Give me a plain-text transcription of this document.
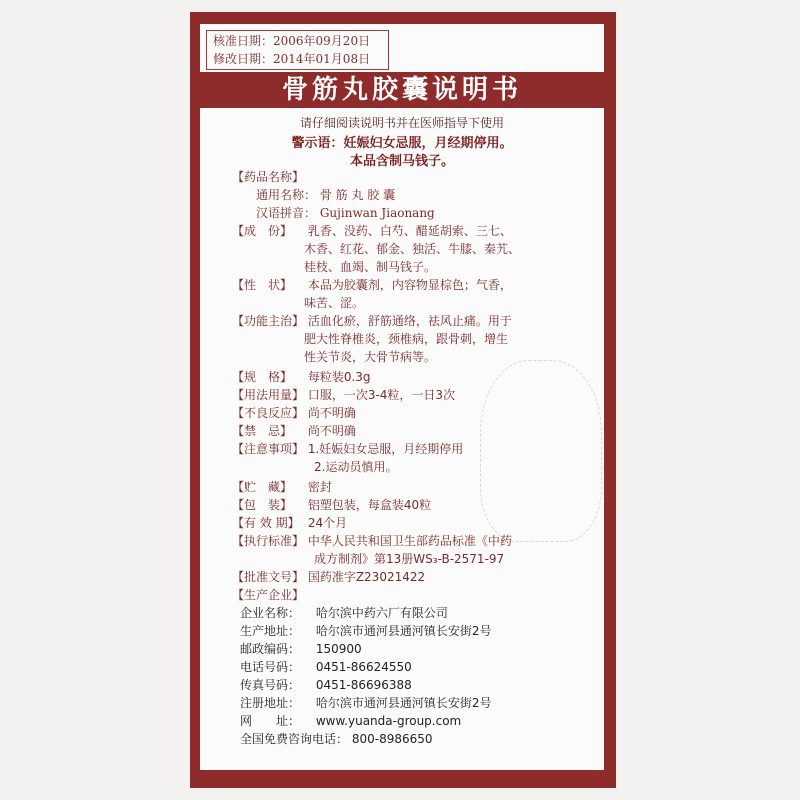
核准日期：2006年09月20日
修改日期：2014年01月08日
骨筋丸胶囊说明书
请仔细阅读说明书并在医师指导下使用
警示语：妊娠妇女忌服，月经期停用。
本品含制马钱子。
【药品名称】
通用名称： 骨 筋 丸 胶 囊
汉语拼音： Gujinwan Jiaonang
【成　份】 乳香、没药、白芍、醋延胡索、三七、
木香、红花、郁金、独活、牛膝、秦艽、
桂枝、血竭、制马钱子。
【性　状】 本品为胶囊剂，内容物显棕色；气香，
味苦、涩。
【功能主治】 活血化瘀，舒筋通络，祛风止痛。用于
肥大性脊椎炎，颈椎病，跟骨刺，增生
性关节炎，大骨节病等。
【规　格】 每粒装0.3g
【用法用量】 口服，一次3-4粒，一日3次
【不良反应】 尚不明确
【禁　忌】 尚不明确
【注意事项】 1.妊娠妇女忌服，月经期停用
2.运动员慎用。
【贮　藏】 密封
【包　装】 铝塑包装，每盒装40粒
【有 效 期】 24个月
【执行标准】 中华人民共和国卫生部药品标准《中药
成方制剂》第13册WS₃-B-2571-97
【批准文号】 国药准字Z23021422
【生产企业】
企业名称： 哈尔滨中药六厂有限公司
生产地址： 哈尔滨市通河县通河镇长安街2号
邮政编码： 150900
电话号码： 0451-86624550
传真号码： 0451-86696388
注册地址： 哈尔滨市通河县通河镇长安街2号
网　　址： www.yuanda-group.com
全国免费咨询电话： 800-8986650
